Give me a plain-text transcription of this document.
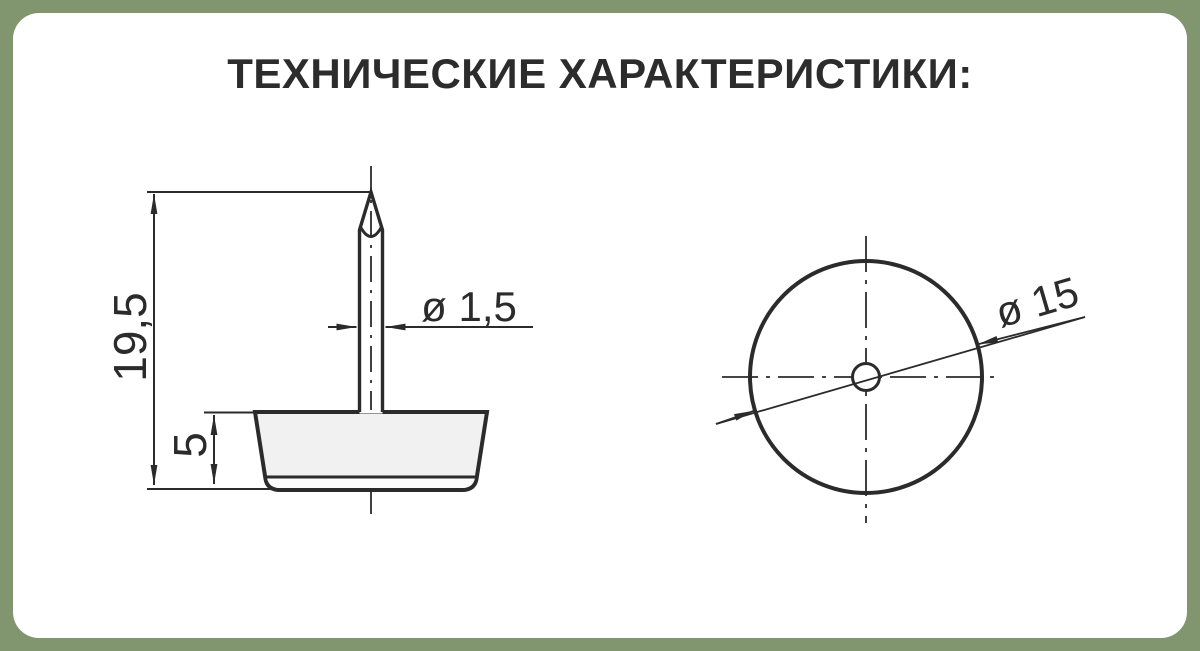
ТЕХНИЧЕСКИЕ ХАРАКТЕРИСТИКИ:
19,5
5
ø 1,5	ø 15
